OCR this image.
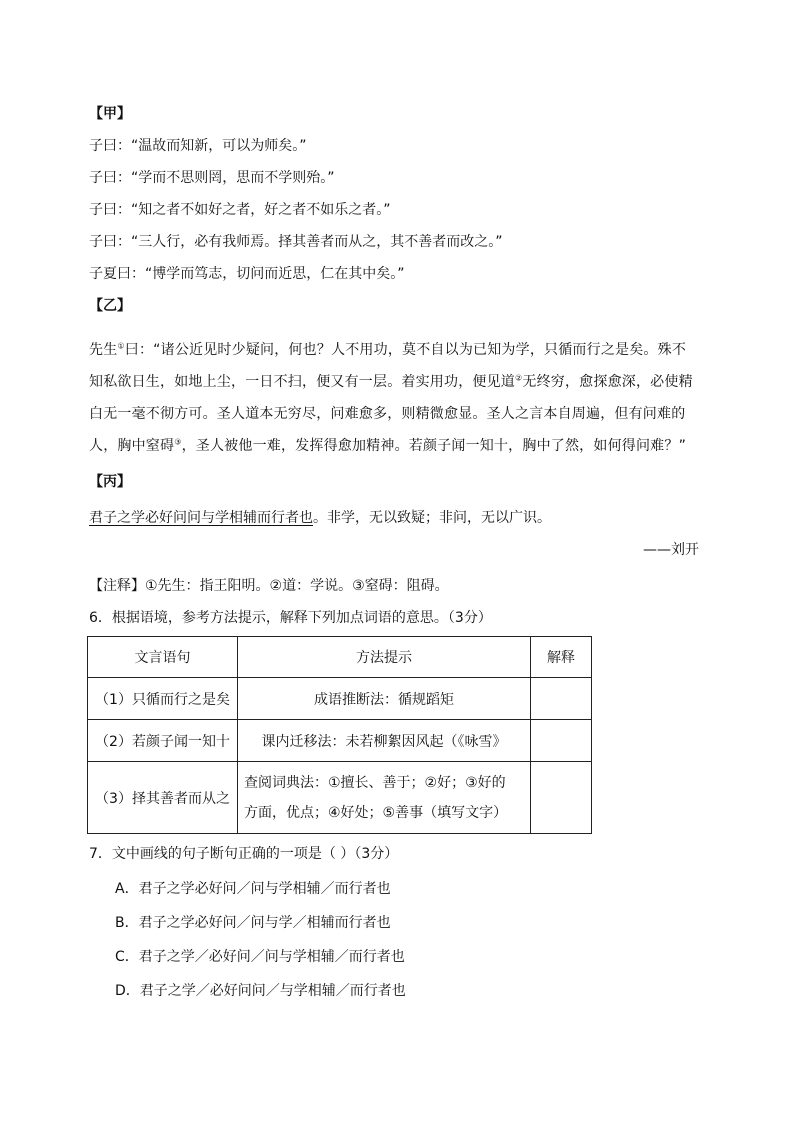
【甲】
子曰：“温故而知新，可以为师矣。”
子曰：“学而不思则罔，思而不学则殆。”
子曰：“知之者不如好之者，好之者不如乐之者。”
子曰：“三人行，必有我师焉。择其善者而从之，其不善者而改之。”
子夏曰：“博学而笃志，切问而近思，仁在其中矣。”
【乙】
先生①曰：“诸公近见时少疑问，何也？人不用功，莫不自以为已知为学，只循而行之是矣。殊不知私欲日生，如地上尘，一日不扫，便又有一层。着实用功，便见道②无终穷，愈探愈深，必使精白无一毫不彻方可。圣人道本无穷尽，问难愈多，则精微愈显。圣人之言本自周遍，但有问难的人，胸中窒碍③，圣人被他一难，发挥得愈加精神。若颜子闻一知十，胸中了然，如何得问难？”
【丙】
君子之学必好问问与学相辅而行者也。非学，无以致疑；非问，无以广识。
——刘开
【注释】①先生：指王阳明。②道：学说。③窒碍：阻碍。
6．根据语境，参考方法提示，解释下列加点词语的意思。（3分）
文言语句	方法提示	解释
（1）只循而行之是矣	成语推断法：循规蹈矩	
（2）若颜子闻一知十	课内迁移法：未若柳絮因风起（《咏雪》	
（3）择其善者而从之	查阅词典法：①擅长、善于；②好；③好的
方面，优点；④好处；⑤善事（填写文字）	

7．文中画线的句子断句正确的一项是（ ）（3分）
A．君子之学必好问／问与学相辅／而行者也
B．君子之学必好问／问与学／相辅而行者也
C．君子之学／必好问／问与学相辅／而行者也
D．君子之学／必好问问／与学相辅／而行者也
